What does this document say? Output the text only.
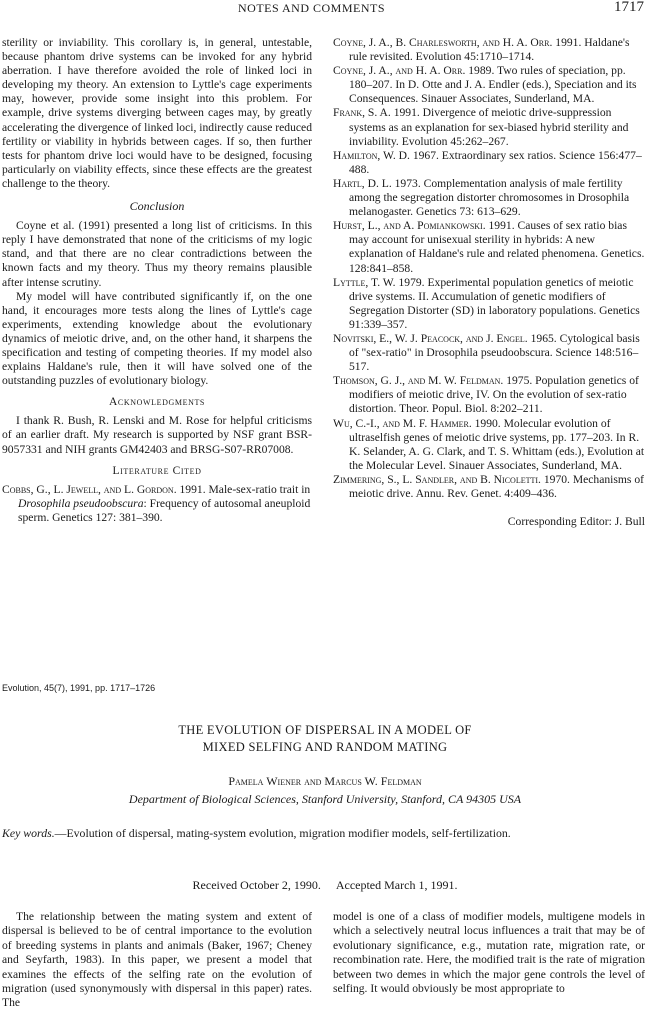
NOTES AND COMMENTS	1717

sterility or inviability. This corollary is, in general, untestable, because phantom drive systems can be invoked for any hybrid aberration. I have therefore avoided the role of linked loci in developing my theory. An extension to Lyttle's cage experiments may, however, provide some insight into this problem. For example, drive systems diverging between cages may, by greatly accelerating the divergence of linked loci, indirectly cause reduced fertility or viability in hybrids between cages. If so, then further tests for phantom drive loci would have to be designed, focusing particularly on viability effects, since these effects are the greatest challenge to the theory.

Conclusion

Coyne et al. (1991) presented a long list of criticisms. In this reply I have demonstrated that none of the criticisms of my logic stand, and that there are no clear contradictions between the known facts and my theory. Thus my theory remains plausible after intense scrutiny.

My model will have contributed significantly if, on the one hand, it encourages more tests along the lines of Lyttle's cage experiments, extending knowledge about the evolutionary dynamics of meiotic drive, and, on the other hand, it sharpens the specification and testing of competing theories. If my model also explains Haldane's rule, then it will have solved one of the outstanding puzzles of evolutionary biology.

Acknowledgments

I thank R. Bush, R. Lenski and M. Rose for helpful criticisms of an earlier draft. My research is supported by NSF grant BSR-9057331 and NIH grants GM42403 and BRSG-S07-RR07008.

Literature Cited

Cobbs, G., L. Jewell, and L. Gordon. 1991. Male-sex-ratio trait in Drosophila pseudoobscura: Frequency of autosomal aneuploid sperm. Genetics 127: 381–390.

Coyne, J. A., B. Charlesworth, and H. A. Orr. 1991. Haldane's rule revisited. Evolution 45:1710–1714.

Coyne, J. A., and H. A. Orr. 1989. Two rules of speciation, pp. 180–207. In D. Otte and J. A. Endler (eds.), Speciation and its Consequences. Sinauer Associates, Sunderland, MA.

Frank, S. A. 1991. Divergence of meiotic drive-suppression systems as an explanation for sex-biased hybrid sterility and inviability. Evolution 45:262–267.

Hamilton, W. D. 1967. Extraordinary sex ratios. Science 156:477–488.

Hartl, D. L. 1973. Complementation analysis of male fertility among the segregation distorter chromosomes in Drosophila melanogaster. Genetics 73: 613–629.

Hurst, L., and A. Pomiankowski. 1991. Causes of sex ratio bias may account for unisexual sterility in hybrids: A new explanation of Haldane's rule and related phenomena. Genetics. 128:841–858.

Lyttle, T. W. 1979. Experimental population genetics of meiotic drive systems. II. Accumulation of genetic modifiers of Segregation Distorter (SD) in laboratory populations. Genetics 91:339–357.

Novitski, E., W. J. Peacock, and J. Engel. 1965. Cytological basis of "sex-ratio" in Drosophila pseudoobscura. Science 148:516–517.

Thomson, G. J., and M. W. Feldman. 1975. Population genetics of modifiers of meiotic drive, IV. On the evolution of sex-ratio distortion. Theor. Popul. Biol. 8:202–211.

Wu, C.-I., and M. F. Hammer. 1990. Molecular evolution of ultraselfish genes of meiotic drive systems, pp. 177–203. In R. K. Selander, A. G. Clark, and T. S. Whittam (eds.), Evolution at the Molecular Level. Sinauer Associates, Sunderland, MA.

Zimmering, S., L. Sandler, and B. Nicoletti. 1970. Mechanisms of meiotic drive. Annu. Rev. Genet. 4:409–436.

Corresponding Editor: J. Bull

Evolution, 45(7), 1991, pp. 1717–1726
THE EVOLUTION OF DISPERSAL IN A MODEL OF
MIXED SELFING AND RANDOM MATING
Pamela Wiener and Marcus W. Feldman
Department of Biological Sciences, Stanford University, Stanford, CA 94305 USA
Key words.—Evolution of dispersal, mating-system evolution, migration modifier models, self-fertilization.
Received October 2, 1990. Accepted March 1, 1991.
The relationship between the mating system and extent of dispersal is believed to be of central importance to the evolution of breeding systems in plants and animals (Baker, 1967; Cheney and Seyfarth, 1983). In this paper, we present a model that examines the effects of the selfing rate on the evolution of migration (used synonymously with dispersal in this paper) rates. The
model is one of a class of modifier models, multigene models in which a selectively neutral locus influences a trait that may be of evolutionary significance, e.g., mutation rate, migration rate, or recombination rate. Here, the modified trait is the rate of migration between two demes in which the major gene controls the level of selfing. It would obviously be most appropriate to
